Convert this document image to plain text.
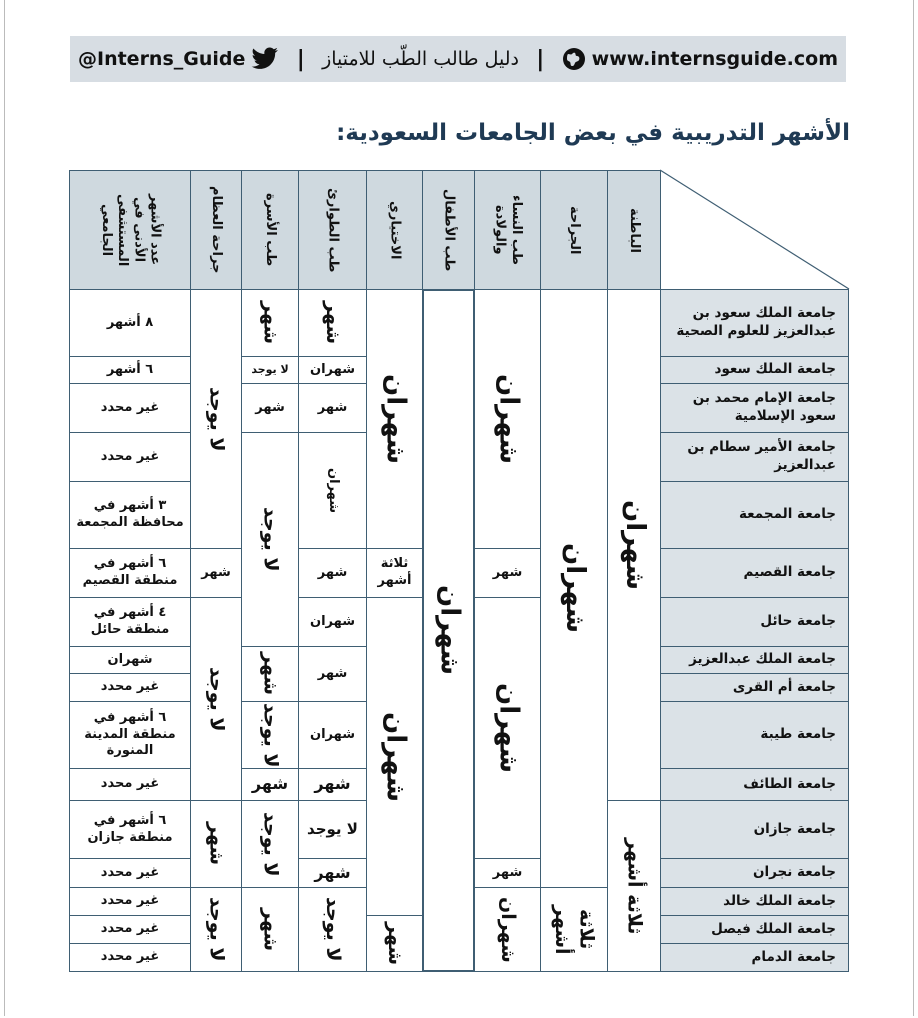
@Interns_Guide | دليل طالب الطّب للامتياز | www.internsguide.com
الأشهر التدريبية في بعض الجامعات السعودية:
الباطنة
الجراحة
طب النساء والولادة
طب الأطفال
الاختياري
طب الطوارئ
طب الأسرة
جراحة العظام
عدد الأشهر الأدنى في المستشفى الجامعي
جامعة الملك سعود بن عبدالعزيز للعلوم الصحية
جامعة الملك سعود
جامعة الإمام محمد بن سعود الإسلامية
جامعة الأمير سطام بن عبدالعزيز
جامعة المجمعة
جامعة القصيم
جامعة حائل
جامعة الملك عبدالعزيز
جامعة أم القرى
جامعة طيبة
جامعة الطائف
جامعة جازان
جامعة نجران
جامعة الملك خالد
جامعة الملك فيصل
جامعة الدمام
شهران
ثلاثة أشهر
شهران
ثلاثة أشهر
شهران
شهر
شهران
شهر
شهران
شهران
شهران
ثلاثة أشهر
شهران
شهر
شهر
شهران
شهر
شهران
شهر
شهران
شهر
شهران
شهر
لا يوجد
شهر
لا يوجد
شهر
لا يوجد
شهر
لا يوجد
شهر
لا يوجد
شهر
لا يوجد
شهر
لا يوجد
شهر
لا يوجد
شهر
لا يوجد
٨ أشهر
٦ أشهر
غير محدد
غير محدد
٣ أشهر في محافظة المجمعة
٦ أشهر في منطقة القصيم
٤ أشهر في منطقة حائل
شهران
غير محدد
٦ أشهر في منطقة المدينة المنورة
غير محدد
٦ أشهر في منطقة جازان
غير محدد
غير محدد
غير محدد
غير محدد
